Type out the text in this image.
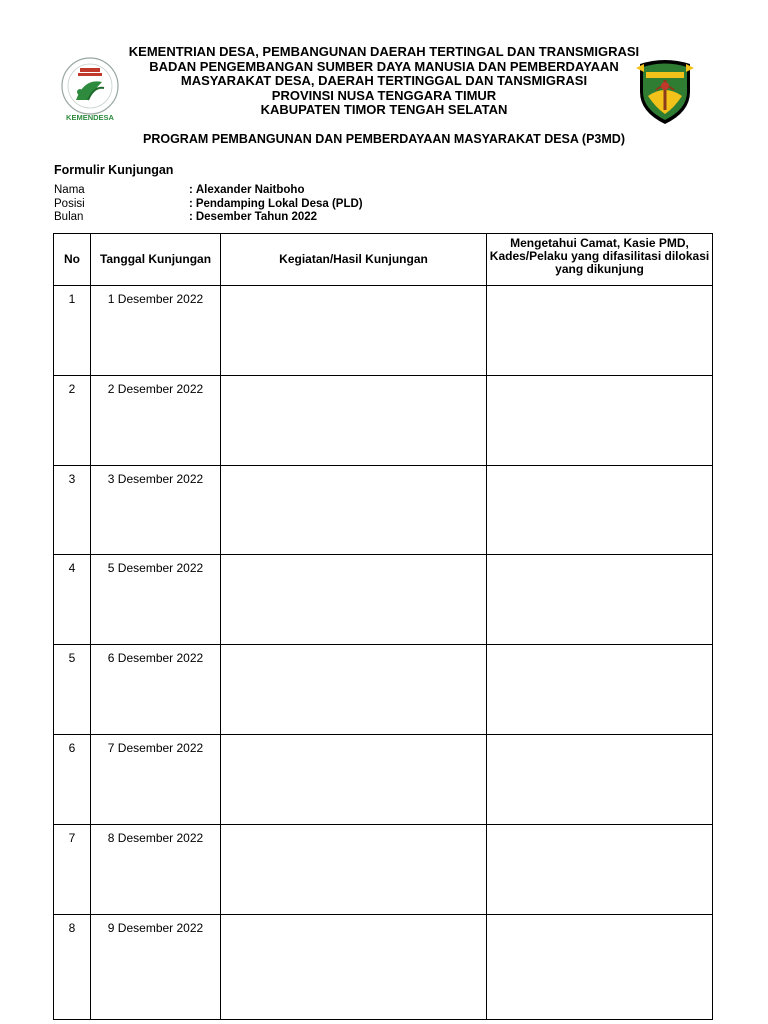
KEMENDESA
KEMENTRIAN DESA, PEMBANGUNAN DAERAH TERTINGAL DAN TRANSMIGRASI
BADAN PENGEMBANGAN SUMBER DAYA MANUSIA DAN PEMBERDAYAAN
MASYARAKAT DESA, DAERAH TERTINGGAL DAN TANSMIGRASI
PROVINSI NUSA TENGGARA TIMUR
KABUPATEN TIMOR TENGAH SELATAN
PROGRAM PEMBANGUNAN DAN PEMBERDAYAAN MASYARAKAT DESA (P3MD)
Formulir Kunjungan
Nama	: Alexander Naitboho
Posisi	: Pendamping Lokal Desa (PLD)
Bulan	: Desember Tahun 2022
No	Tanggal Kunjungan	Kegiatan/Hasil Kunjungan	Mengetahui Camat, Kasie PMD, Kades/Pelaku yang difasilitasi dilokasi yang dikunjung
1	1 Desember 2022		
2	2 Desember 2022		
3	3 Desember 2022		
4	5 Desember 2022		
5	6 Desember 2022		
6	7 Desember 2022		
7	8 Desember 2022		
8	9 Desember 2022		
